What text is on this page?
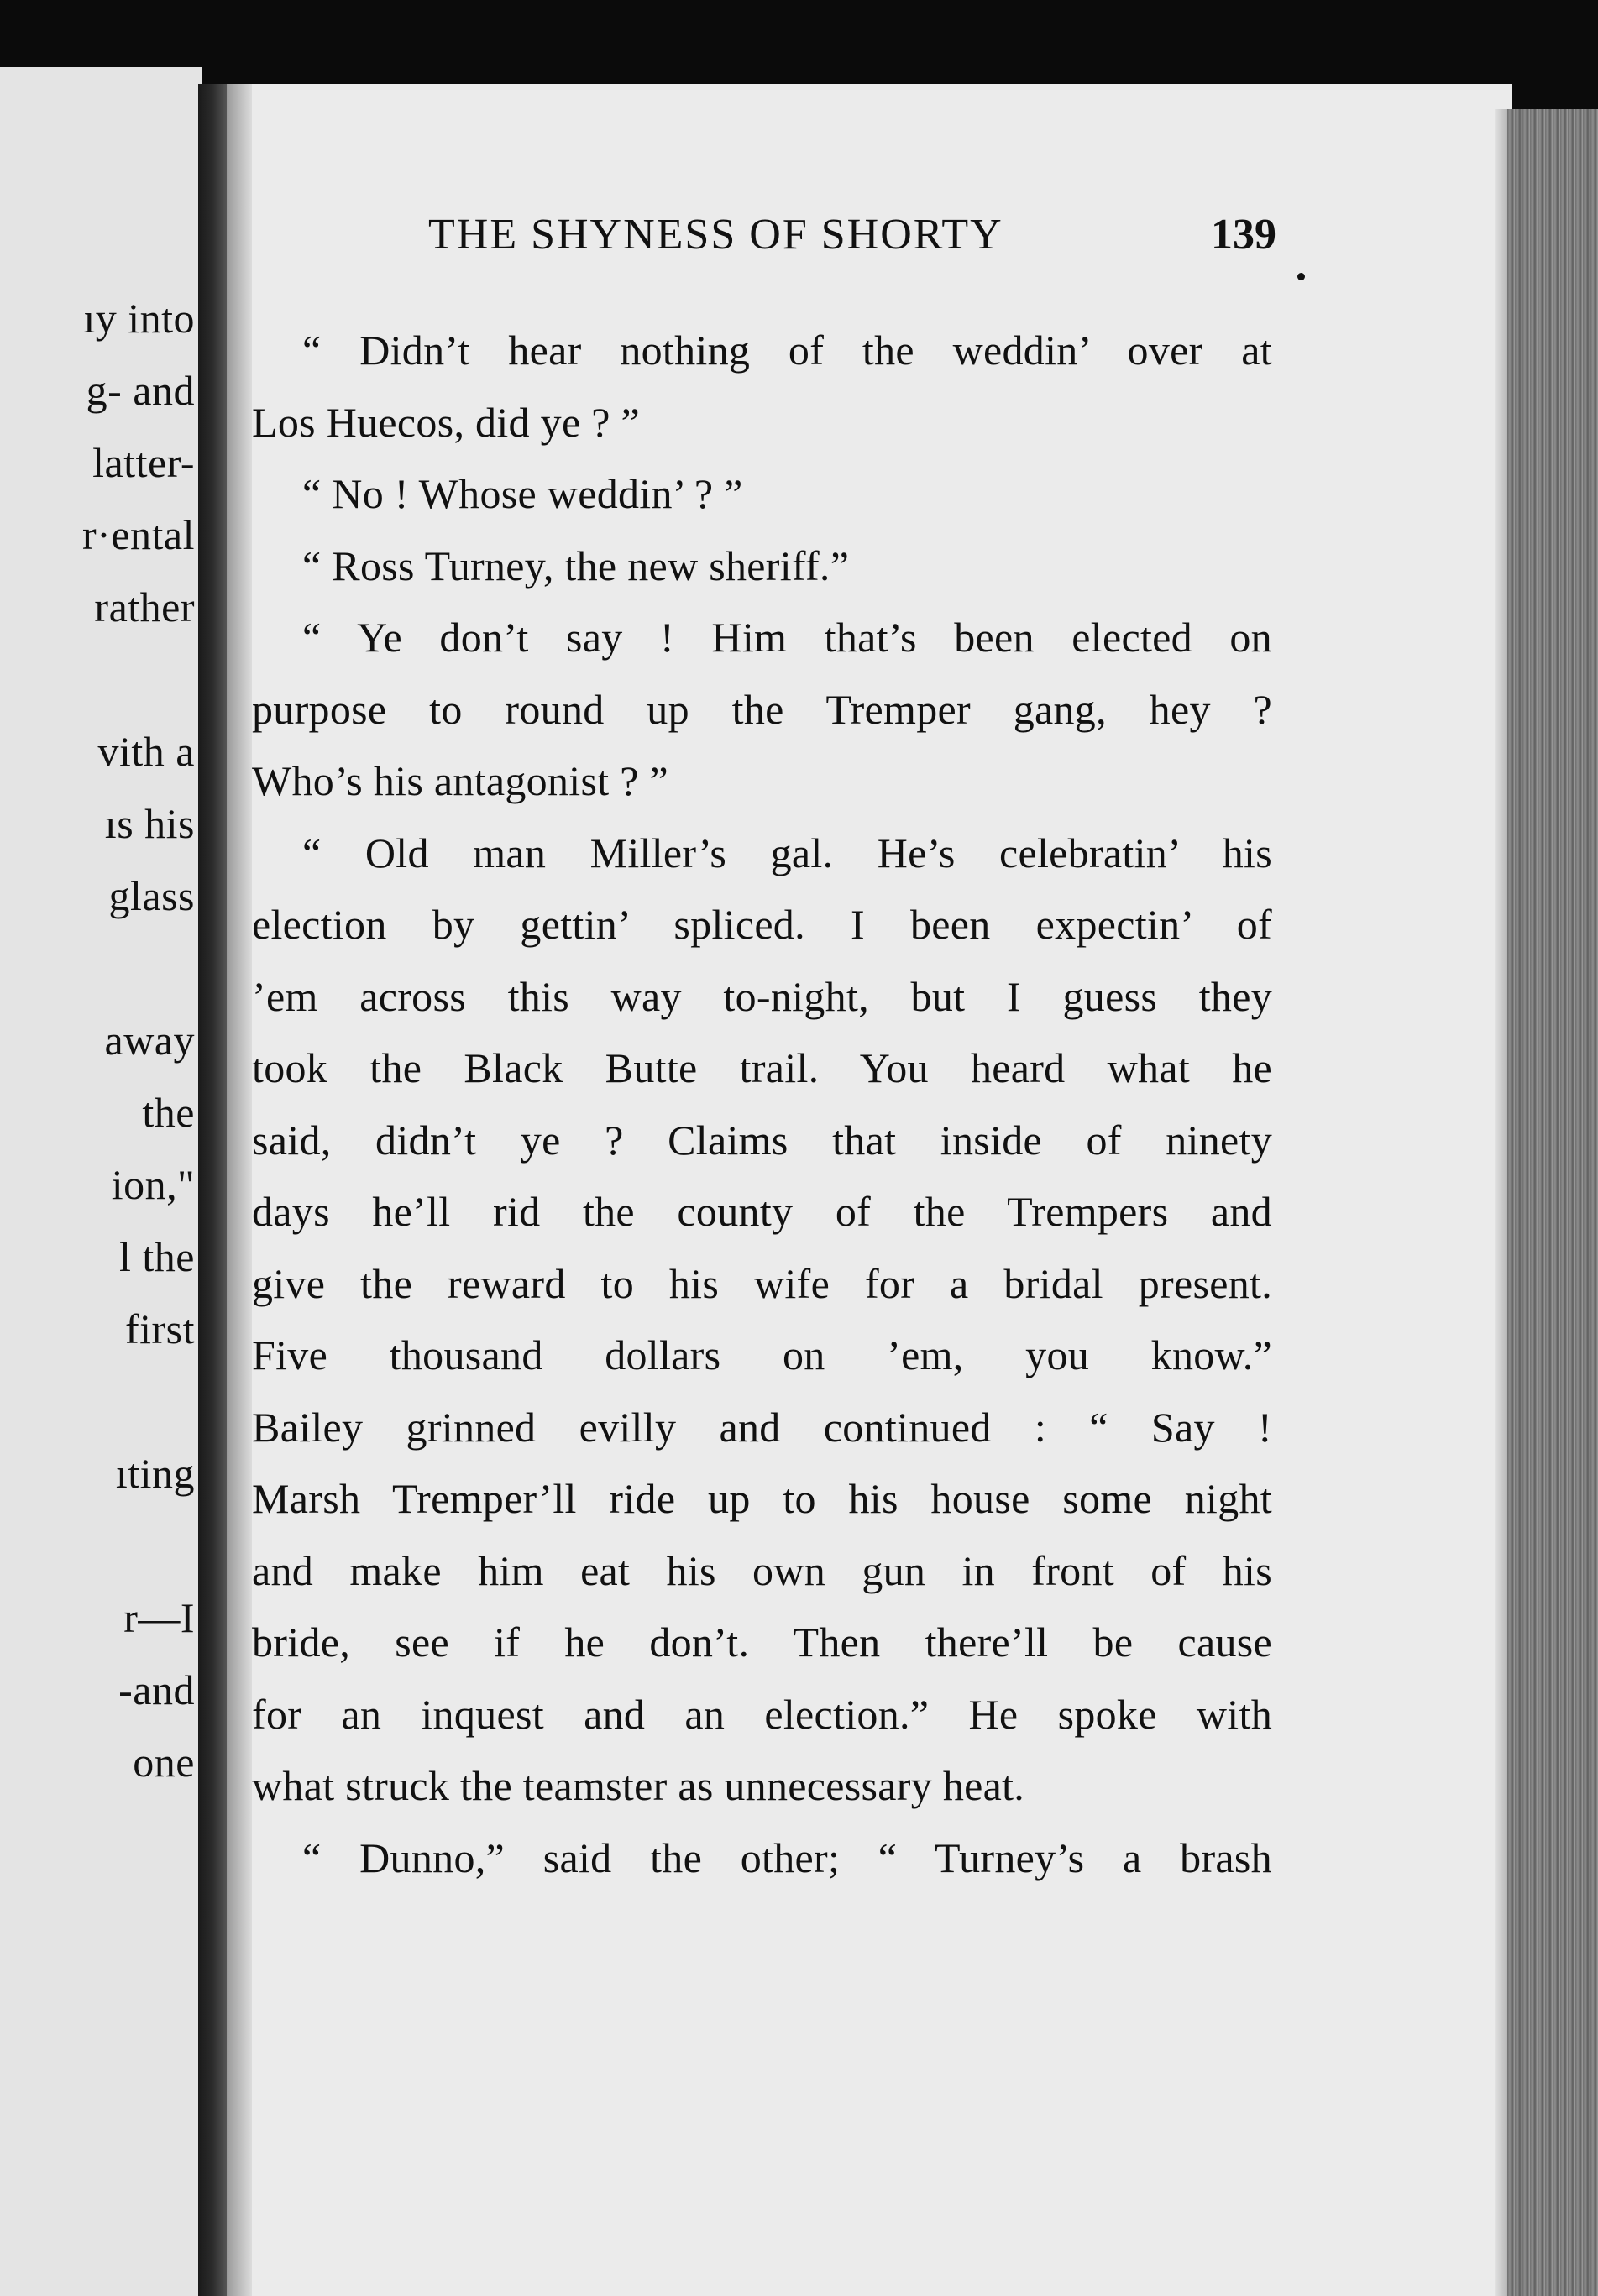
ıy into
g- and
latter-
r·ental
rather
vith a
ıs his
glass
away
the
ion,"
l the
first
ıting
r—I
-and
one
THE SHYNESS OF SHORTY	139
“ Didn’t hear nothing of the weddin’ over at
Los Huecos, did ye ? ”
“ No ! Whose weddin’ ? ”
“ Ross Turney, the new sheriff.”
“ Ye don’t say ! Him that’s been elected on
purpose to round up the Tremper gang, hey ?
Who’s his antagonist ? ”
“ Old man Miller’s gal. He’s celebratin’ his
election by gettin’ spliced. I been expectin’ of
’em across this way to-night, but I guess they
took the Black Butte trail. You heard what he
said, didn’t ye ? Claims that inside of ninety
days he’ll rid the county of the Trempers and
give the reward to his wife for a bridal present.
Five thousand dollars on ’em, you know.”
Bailey grinned evilly and continued : “ Say !
Marsh Tremper’ll ride up to his house some night
and make him eat his own gun in front of his
bride, see if he don’t. Then there’ll be cause
for an inquest and an election.” He spoke with
what struck the teamster as unnecessary heat.
“ Dunno,” said the other; “ Turney’s a brash
